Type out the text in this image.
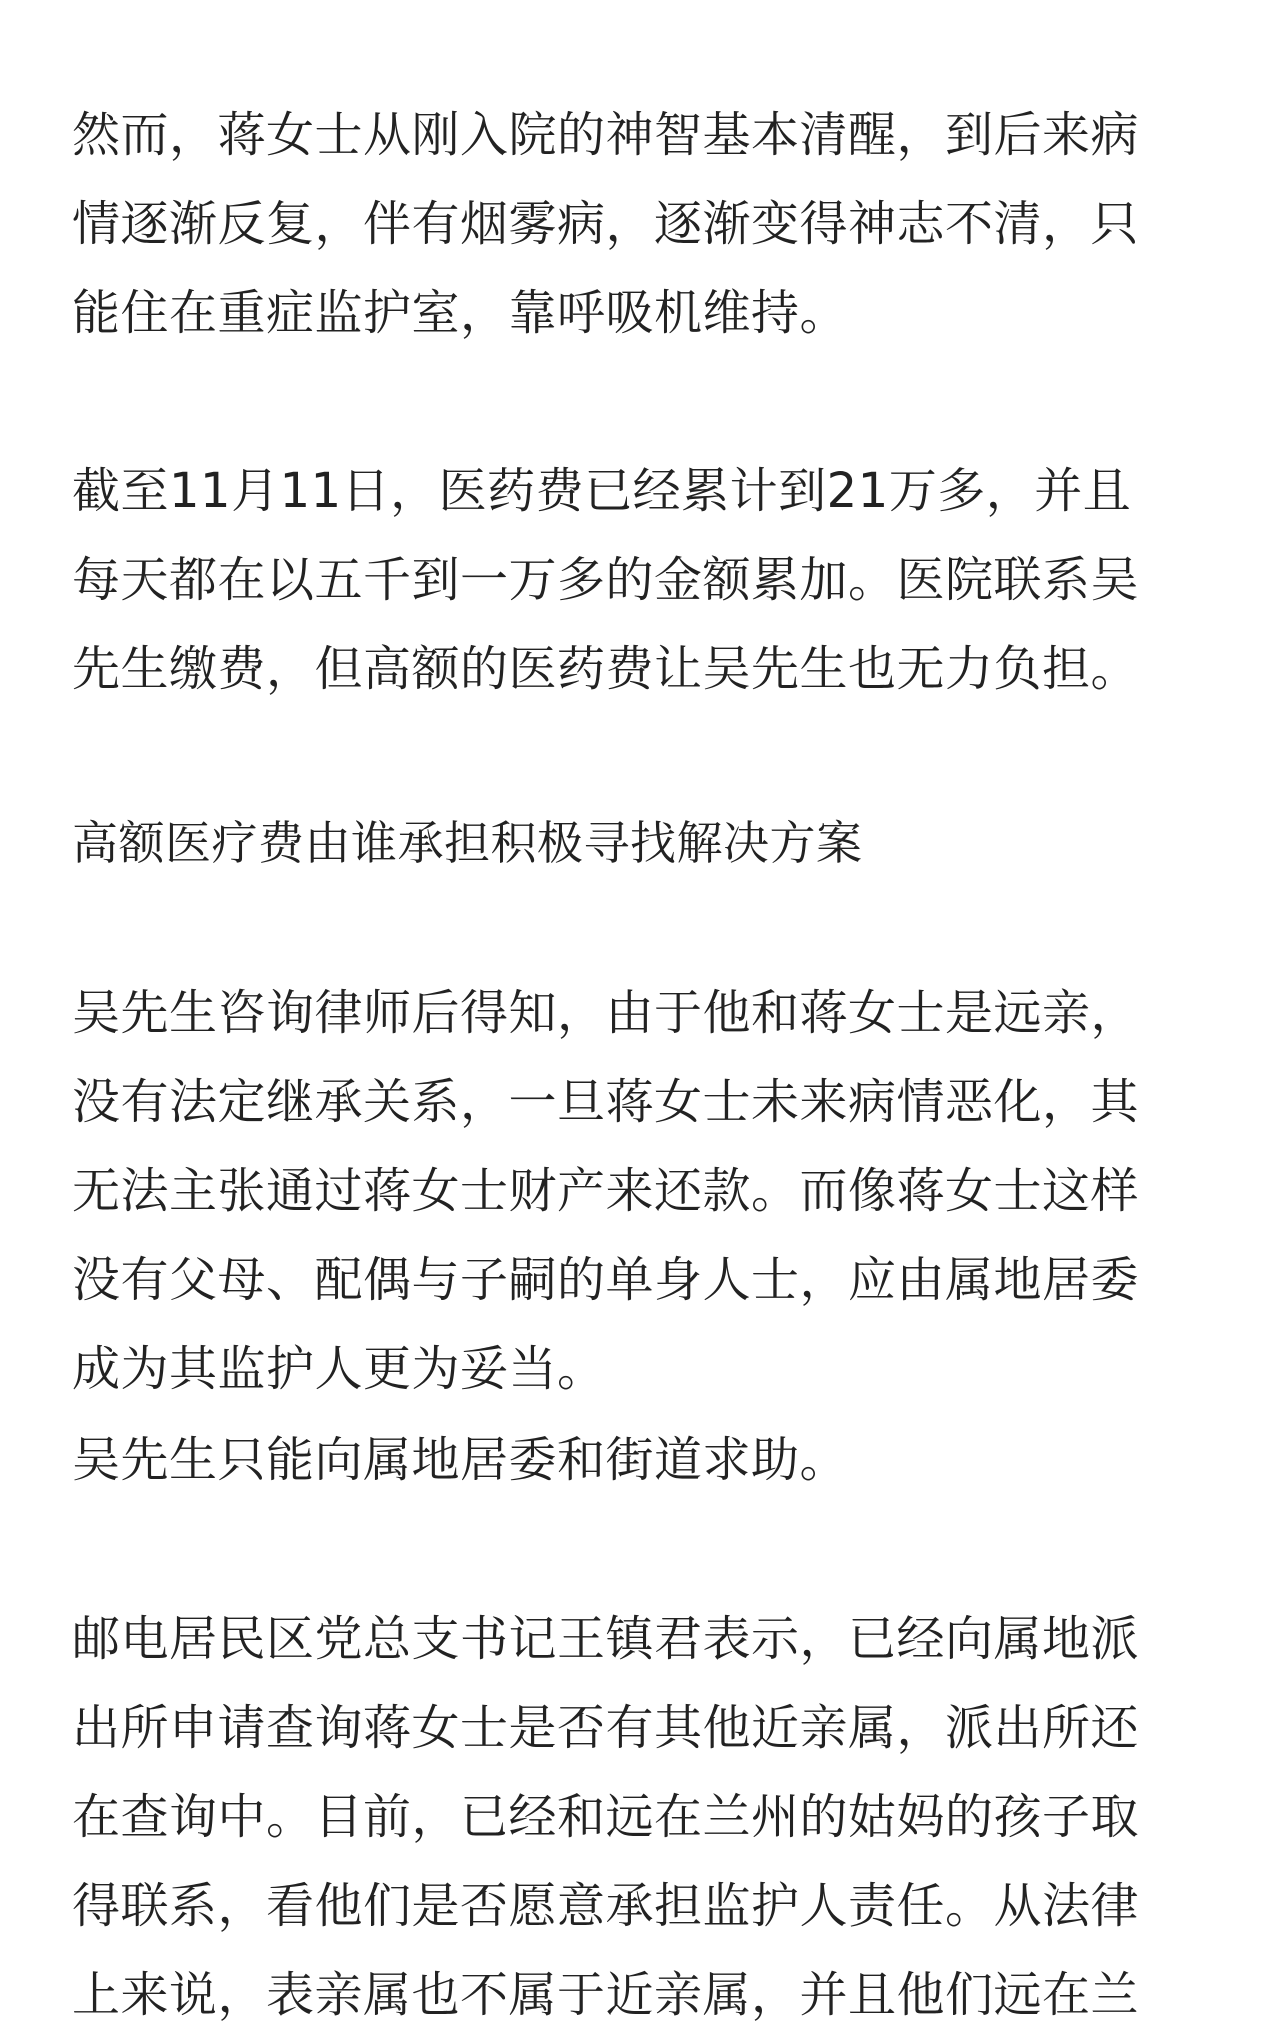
然而，蒋女士从刚入院的神智基本清醒，到后来病
情逐渐反复，伴有烟雾病，逐渐变得神志不清，只
能住在重症监护室，靠呼吸机维持。

截至11月11日，医药费已经累计到21万多，并且
每天都在以五千到一万多的金额累加。医院联系吴
先生缴费，但高额的医药费让吴先生也无力负担。

高额医疗费由谁承担积极寻找解决方案

吴先生咨询律师后得知，由于他和蒋女士是远亲，
没有法定继承关系，一旦蒋女士未来病情恶化，其
无法主张通过蒋女士财产来还款。而像蒋女士这样
没有父母、配偶与子嗣的单身人士，应由属地居委
成为其监护人更为妥当。

吴先生只能向属地居委和街道求助。

邮电居民区党总支书记王镇君表示，已经向属地派
出所申请查询蒋女士是否有其他近亲属，派出所还
在查询中。目前，已经和远在兰州的姑妈的孩子取
得联系，看他们是否愿意承担监护人责任。从法律
上来说，表亲属也不属于近亲属，并且他们远在兰
